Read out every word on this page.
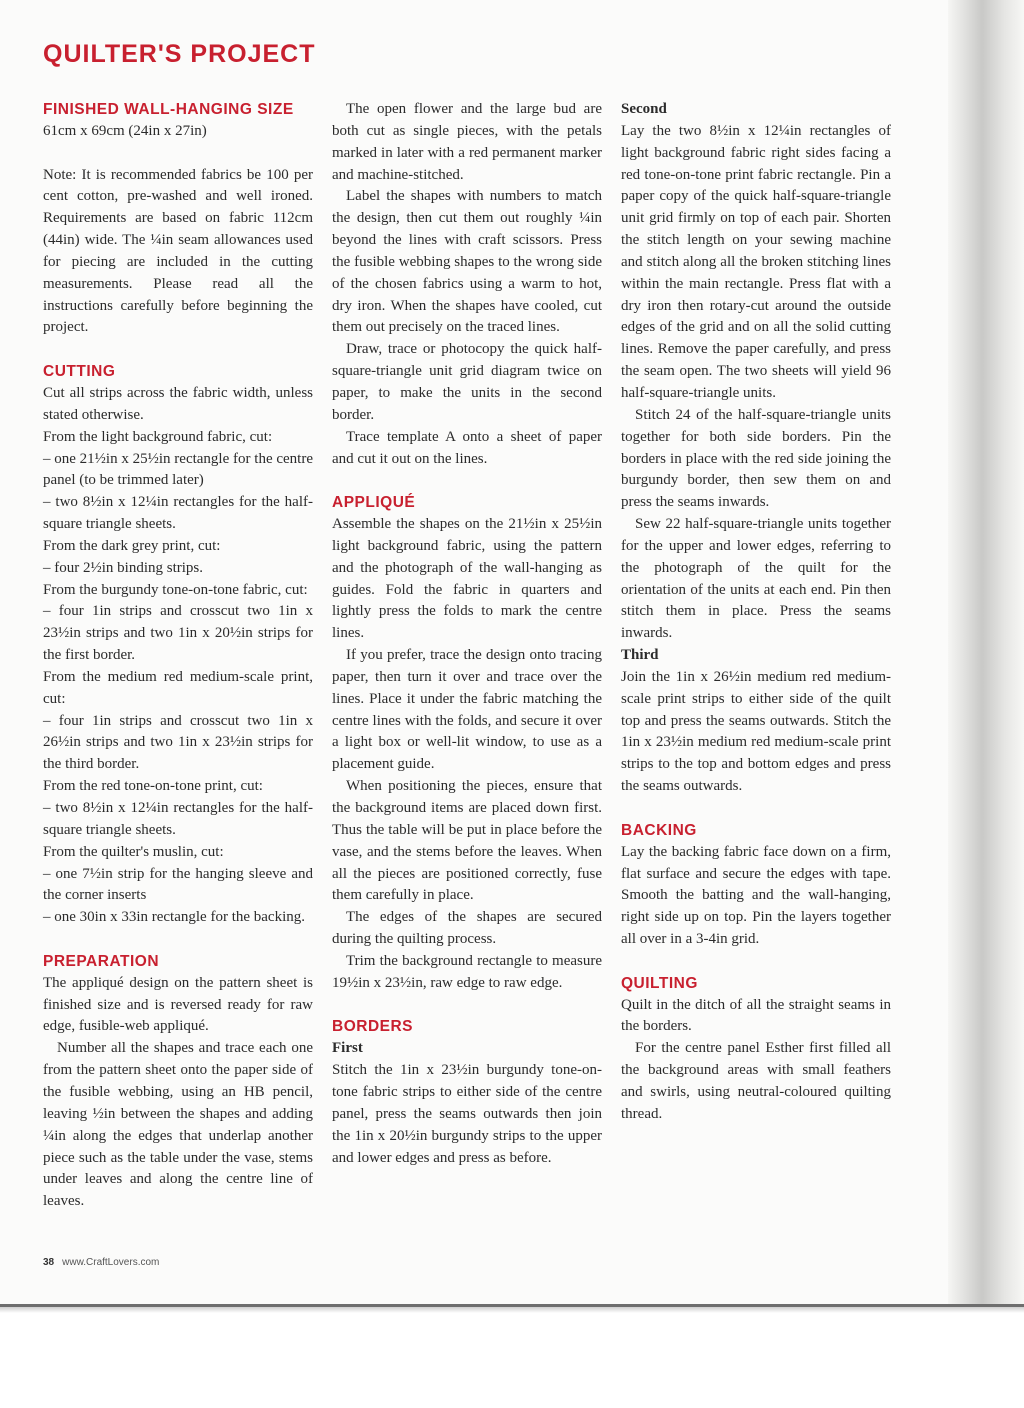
QUILTER'S PROJECT
FINISHED WALL-HANGING SIZE

61cm x 69cm (24in x 27in)

Note: It is recommended fabrics be 100 per cent cotton, pre-washed and well ironed. Requirements are based on fabric 112cm (44in) wide. The ¼in seam allowances used for piecing are included in the cutting measurements. Please read all the instructions carefully before beginning the project.

CUTTING

Cut all strips across the fabric width, unless stated otherwise.

From the light background fabric, cut:

– one 21½in x 25½in rectangle for the centre panel (to be trimmed later)

– two 8½in x 12¼in rectangles for the half-square triangle sheets.

From the dark grey print, cut:

– four 2½in binding strips.

From the burgundy tone-on-tone fabric, cut:

– four 1in strips and crosscut two 1in x 23½in strips and two 1in x 20½in strips for the first border.

From the medium red medium-scale print, cut:

– four 1in strips and crosscut two 1in x 26½in strips and two 1in x 23½in strips for the third border.

From the red tone-on-tone print, cut:

– two 8½in x 12¼in rectangles for the half-square triangle sheets.

From the quilter's muslin, cut:

– one 7½in strip for the hanging sleeve and the corner inserts

– one 30in x 33in rectangle for the backing.

PREPARATION

The appliqué design on the pattern sheet is finished size and is reversed ready for raw edge, fusible-web appliqué.

Number all the shapes and trace each one from the pattern sheet onto the paper side of the fusible webbing, using an HB pencil, leaving ½in between the shapes and adding ¼in along the edges that underlap another piece such as the table under the vase, stems under leaves and along the centre line of leaves.

The open flower and the large bud are both cut as single pieces, with the petals marked in later with a red permanent marker and machine-stitched.

Label the shapes with numbers to match the design, then cut them out roughly ¼in beyond the lines with craft scissors. Press the fusible webbing shapes to the wrong side of the chosen fabrics using a warm to hot, dry iron. When the shapes have cooled, cut them out precisely on the traced lines.

Draw, trace or photocopy the quick half-square-triangle unit grid diagram twice on paper, to make the units in the second border.

Trace template A onto a sheet of paper and cut it out on the lines.

APPLIQUÉ

Assemble the shapes on the 21½in x 25½in light background fabric, using the pattern and the photograph of the wall-hanging as guides. Fold the fabric in quarters and lightly press the folds to mark the centre lines.

If you prefer, trace the design onto tracing paper, then turn it over and trace over the lines. Place it under the fabric matching the centre lines with the folds, and secure it over a light box or well-lit window, to use as a placement guide.

When positioning the pieces, ensure that the background items are placed down first. Thus the table will be put in place before the vase, and the stems before the leaves. When all the pieces are positioned correctly, fuse them carefully in place.

The edges of the shapes are secured during the quilting process.

Trim the background rectangle to measure 19½in x 23½in, raw edge to raw edge.

BORDERS
First

Stitch the 1in x 23½in burgundy tone-on-tone fabric strips to either side of the centre panel, press the seams outwards then join the 1in x 20½in burgundy strips to the upper and lower edges and press as before.

Second

Lay the two 8½in x 12¼in rectangles of light background fabric right sides facing a red tone-on-tone print fabric rectangle. Pin a paper copy of the quick half-square-triangle unit grid firmly on top of each pair. Shorten the stitch length on your sewing machine and stitch along all the broken stitching lines within the main rectangle. Press flat with a dry iron then rotary-cut around the outside edges of the grid and on all the solid cutting lines. Remove the paper carefully, and press the seam open. The two sheets will yield 96 half-square-triangle units.

Stitch 24 of the half-square-triangle units together for both side borders. Pin the borders in place with the red side joining the burgundy border, then sew them on and press the seams inwards.

Sew 22 half-square-triangle units together for the upper and lower edges, referring to the photograph of the quilt for the orientation of the units at each end. Pin then stitch them in place. Press the seams inwards.

Third

Join the 1in x 26½in medium red medium-scale print strips to either side of the quilt top and press the seams outwards. Stitch the 1in x 23½in medium red medium-scale print strips to the top and bottom edges and press the seams outwards.

BACKING

Lay the backing fabric face down on a firm, flat surface and secure the edges with tape. Smooth the batting and the wall-hanging, right side up on top. Pin the layers together all over in a 3-4in grid.

QUILTING

Quilt in the ditch of all the straight seams in the borders.

For the centre panel Esther first filled all the background areas with small feathers and swirls, using neutral-coloured quilting thread.

38 www.CraftLovers.com
